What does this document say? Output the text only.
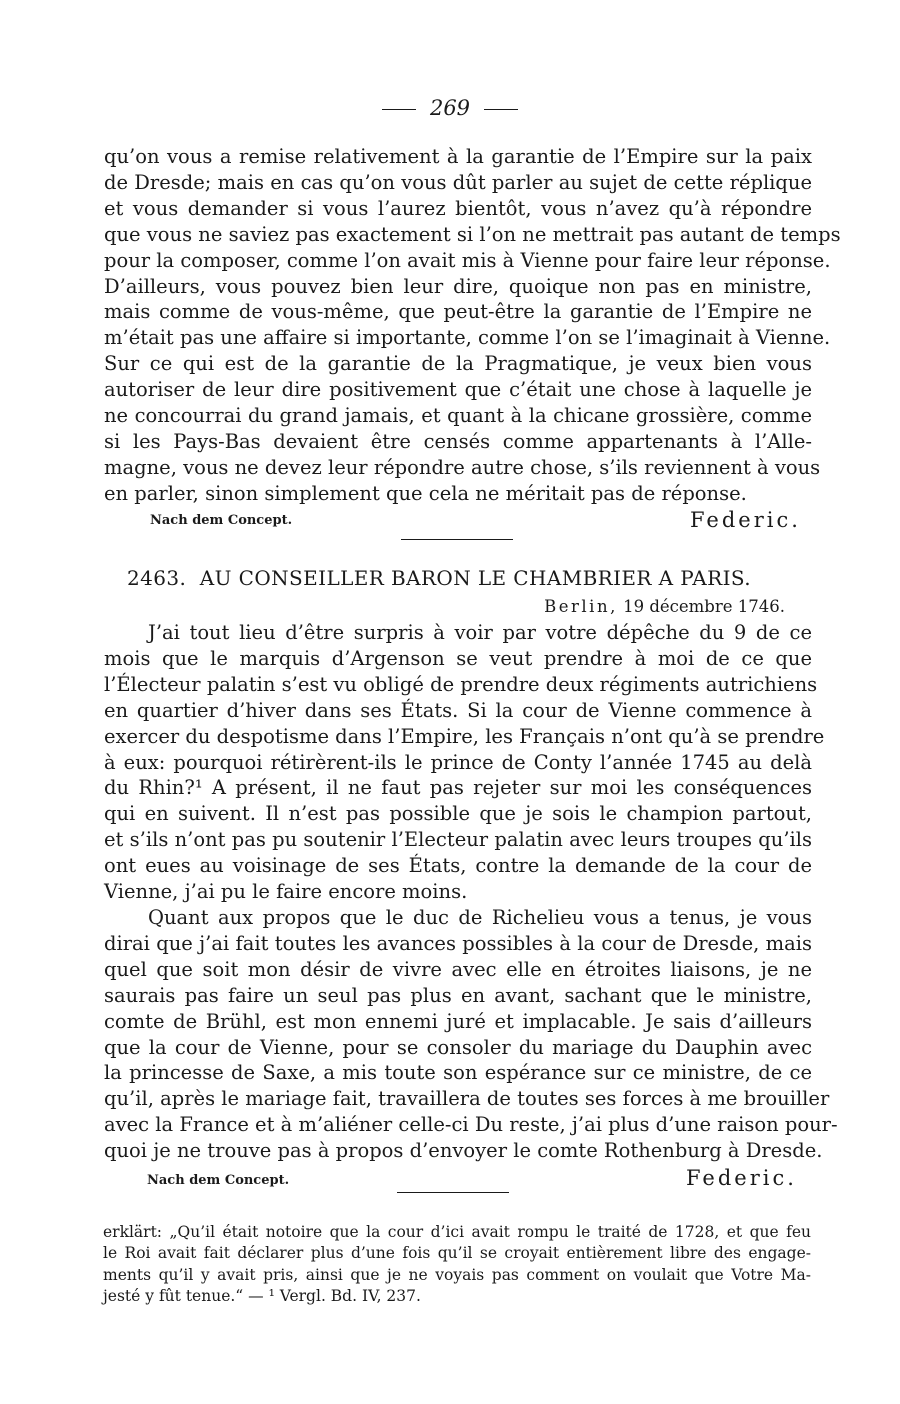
269
qu’on vous a remise relativement à la garantie de l’Empire sur la paix
de Dresde; mais en cas qu’on vous dût parler au sujet de cette réplique
et vous demander si vous l’aurez bientôt, vous n’avez qu’à répondre
que vous ne saviez pas exactement si l’on ne mettrait pas autant de temps
pour la composer, comme l’on avait mis à Vienne pour faire leur réponse.
D’ailleurs, vous pouvez bien leur dire, quoique non pas en ministre,
mais comme de vous-même, que peut-être la garantie de l’Empire ne
m’était pas une affaire si importante, comme l’on se l’imaginait à Vienne.
Sur ce qui est de la garantie de la Pragmatique, je veux bien vous
autoriser de leur dire positivement que c’était une chose à laquelle je
ne concourrai du grand jamais, et quant à la chicane grossière, comme
si les Pays-Bas devaient être censés comme appartenants à l’Alle-
magne, vous ne devez leur répondre autre chose, s’ils reviennent à vous
en parler, sinon simplement que cela ne méritait pas de réponse.
Nach dem Concept.	Federic.
2463. AU CONSEILLER BARON LE CHAMBRIER A PARIS.
Berlin, 19 décembre 1746.
J’ai tout lieu d’être surpris à voir par votre dépêche du 9 de ce
mois que le marquis d’Argenson se veut prendre à moi de ce que
l’Électeur palatin s’est vu obligé de prendre deux régiments autrichiens
en quartier d’hiver dans ses États. Si la cour de Vienne commence à
exercer du despotisme dans l’Empire, les Français n’ont qu’à se prendre
à eux: pourquoi rétirèrent-ils le prince de Conty l’année 1745 au delà
du Rhin?¹ A présent, il ne faut pas rejeter sur moi les conséquences
qui en suivent. Il n’est pas possible que je sois le champion partout,
et s’ils n’ont pas pu soutenir l’Electeur palatin avec leurs troupes qu’ils
ont eues au voisinage de ses États, contre la demande de la cour de
Vienne, j’ai pu le faire encore moins.
Quant aux propos que le duc de Richelieu vous a tenus, je vous
dirai que j’ai fait toutes les avances possibles à la cour de Dresde, mais
quel que soit mon désir de vivre avec elle en étroites liaisons, je ne
saurais pas faire un seul pas plus en avant, sachant que le ministre,
comte de Brühl, est mon ennemi juré et implacable. Je sais d’ailleurs
que la cour de Vienne, pour se consoler du mariage du Dauphin avec
la princesse de Saxe, a mis toute son espérance sur ce ministre, de ce
qu’il, après le mariage fait, travaillera de toutes ses forces à me brouiller
avec la France et à m’aliéner celle-ci Du reste, j’ai plus d’une raison pour-
quoi je ne trouve pas à propos d’envoyer le comte Rothenburg à Dresde.
Nach dem Concept.	Federic.
erklärt: „Qu’il était notoire que la cour d’ici avait rompu le traité de 1728, et que feu
le Roi avait fait déclarer plus d’une fois qu’il se croyait entièrement libre des engage-
ments qu’il y avait pris, ainsi que je ne voyais pas comment on voulait que Votre Ma-
jesté y fût tenue.“ — ¹ Vergl. Bd. IV, 237.
